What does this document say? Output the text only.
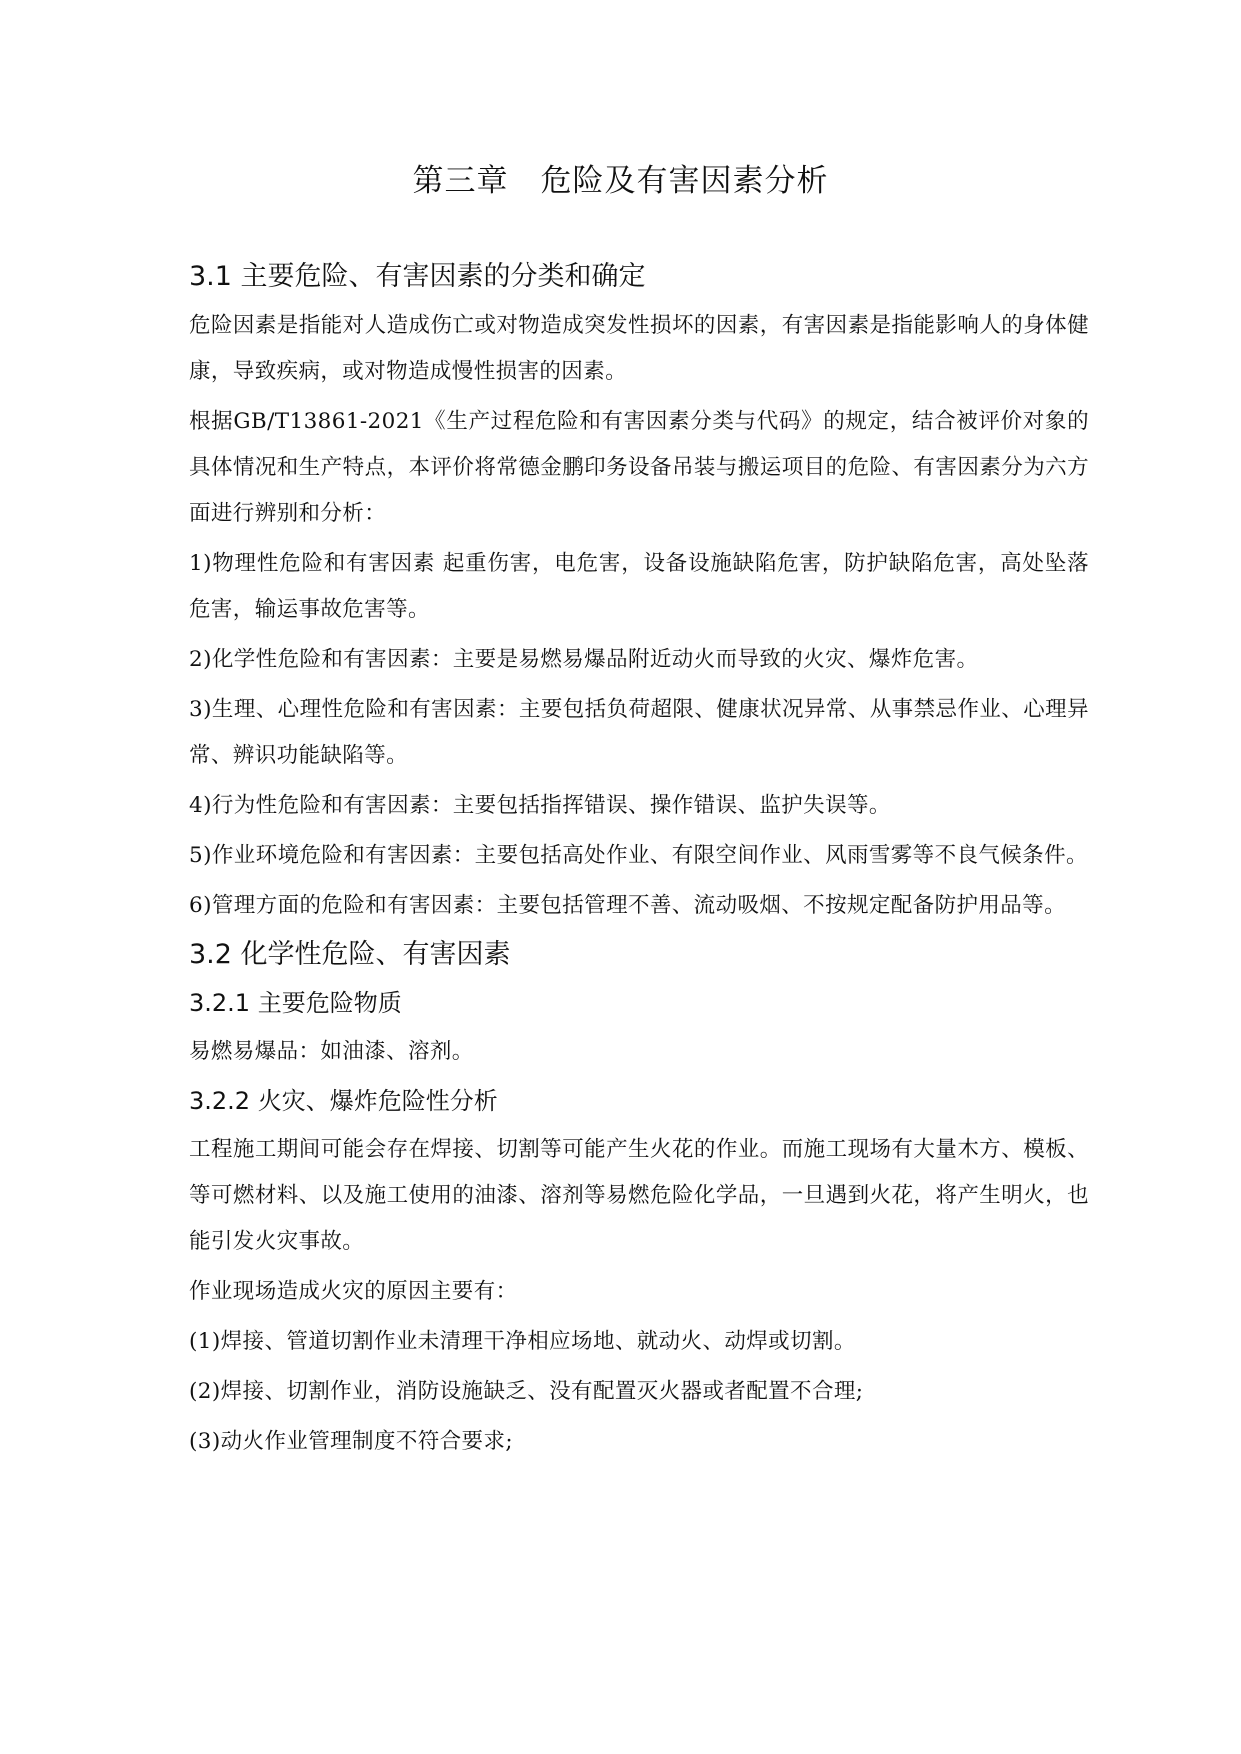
第三章　危险及有害因素分析
3.1 主要危险、有害因素的分类和确定
危险因素是指能对人造成伤亡或对物造成突发性损坏的因素，有害因素是指能影响人的身体健康，导致疾病，或对物造成慢性损害的因素。
根据GB/T13861-2021《生产过程危险和有害因素分类与代码》的规定，结合被评价对象的具体情况和生产特点，本评价将常德金鹏印务设备吊装与搬运项目的危险、有害因素分为六方面进行辨别和分析：
1)物理性危险和有害因素 起重伤害，电危害，设备设施缺陷危害，防护缺陷危害，高处坠落危害，输运事故危害等。
2)化学性危险和有害因素：主要是易燃易爆品附近动火而导致的火灾、爆炸危害。
3)生理、心理性危险和有害因素：主要包括负荷超限、健康状况异常、从事禁忌作业、心理异常、辨识功能缺陷等。
4)行为性危险和有害因素：主要包括指挥错误、操作错误、监护失误等。
5)作业环境危险和有害因素：主要包括高处作业、有限空间作业、风雨雪雾等不良气候条件。
6)管理方面的危险和有害因素：主要包括管理不善、流动吸烟、不按规定配备防护用品等。
3.2 化学性危险、有害因素
3.2.1 主要危险物质
易燃易爆品：如油漆、溶剂。
3.2.2 火灾、爆炸危险性分析
工程施工期间可能会存在焊接、切割等可能产生火花的作业。而施工现场有大量木方、模板、等可燃材料、以及施工使用的油漆、溶剂等易燃危险化学品，一旦遇到火花，将产生明火，也能引发火灾事故。
作业现场造成火灾的原因主要有：
(1)焊接、管道切割作业未清理干净相应场地、就动火、动焊或切割。
(2)焊接、切割作业，消防设施缺乏、没有配置灭火器或者配置不合理;
(3)动火作业管理制度不符合要求;
